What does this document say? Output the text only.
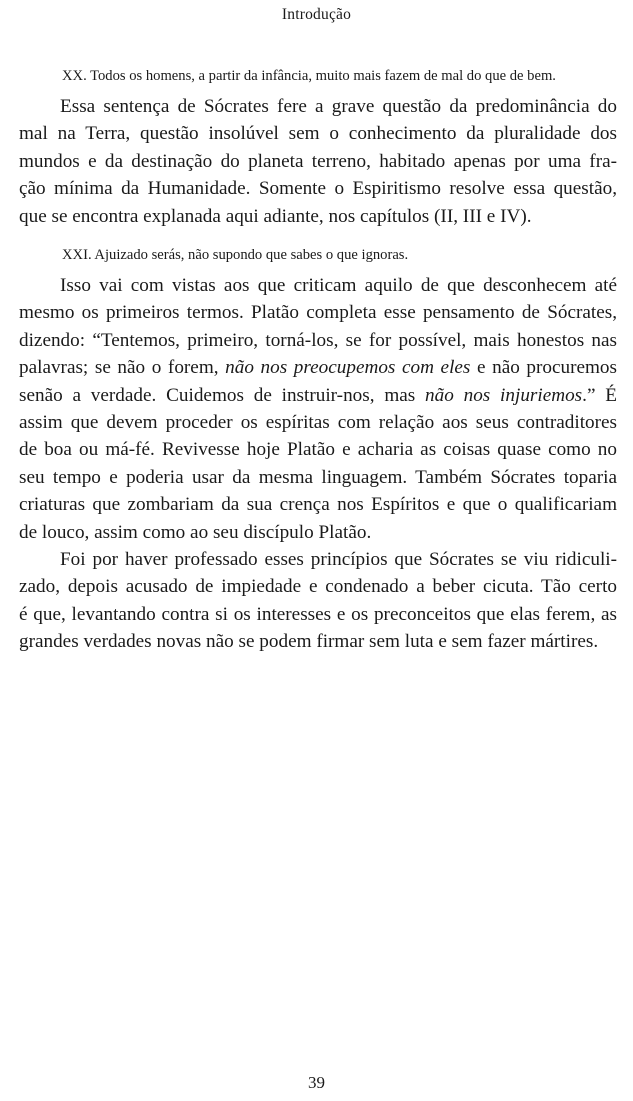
Introdução
XX. Todos os homens, a partir da infância, muito mais fazem de mal do que de bem.
Essa sentença de Sócrates fere a grave questão da predominância do
mal na Terra, questão insolúvel sem o conhecimento da pluralidade dos
mundos e da destinação do planeta terreno, habitado apenas por uma fra-
ção mínima da Humanidade. Somente o Espiritismo resolve essa questão,
que se encontra explanada aqui adiante, nos capítulos (II, III e IV).
XXI. Ajuizado serás, não supondo que sabes o que ignoras.
Isso vai com vistas aos que criticam aquilo de que desconhecem até
mesmo os primeiros termos. Platão completa esse pensamento de Sócrates,
dizendo: “Tentemos, primeiro, torná-los, se for possível, mais honestos nas
palavras; se não o forem, não nos preocupemos com eles e não procuremos
senão a verdade. Cuidemos de instruir-nos, mas não nos injuriemos.” É
assim que devem proceder os espíritas com relação aos seus contraditores
de boa ou má-fé. Revivesse hoje Platão e acharia as coisas quase como no
seu tempo e poderia usar da mesma linguagem. Também Sócrates toparia
criaturas que zombariam da sua crença nos Espíritos e que o qualificariam
de louco, assim como ao seu discípulo Platão.
Foi por haver professado esses princípios que Sócrates se viu ridiculi-
zado, depois acusado de impiedade e condenado a beber cicuta. Tão certo
é que, levantando contra si os interesses e os preconceitos que elas ferem, as
grandes verdades novas não se podem firmar sem luta e sem fazer mártires.
39
